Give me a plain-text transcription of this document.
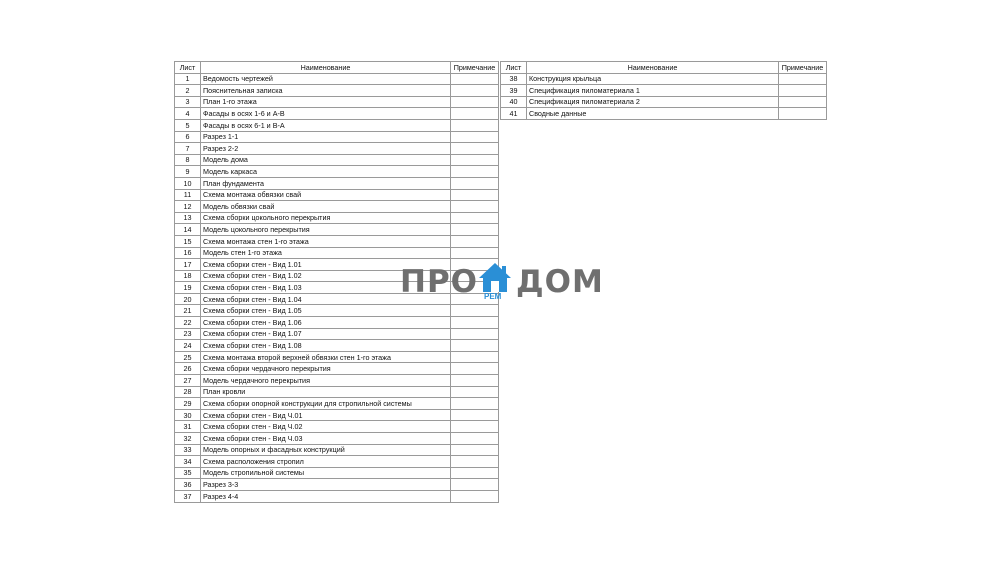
Лист	Наименование	Примечание
1	Ведомость чертежей	
2	Пояснительная записка	
3	План 1-го этажа	
4	Фасады в осях 1-6 и А-В	
5	Фасады в осях 6-1 и В-А	
6	Разрез 1-1	
7	Разрез 2-2	
8	Модель дома	
9	Модель каркаса	
10	План фундамента	
11	Схема монтажа обвязки свай	
12	Модель обвязки свай	
13	Схема сборки цокольного перекрытия	
14	Модель цокольного перекрытия	
15	Схема монтажа стен 1-го этажа	
16	Модель стен 1-го этажа	
17	Схема сборки стен - Вид 1.01	
18	Схема сборки стен - Вид 1.02	
19	Схема сборки стен - Вид 1.03	
20	Схема сборки стен - Вид 1.04	
21	Схема сборки стен - Вид 1.05	
22	Схема сборки стен - Вид 1.06	
23	Схема сборки стен - Вид 1.07	
24	Схема сборки стен - Вид 1.08	
25	Схема монтажа второй верхней обвязки стен 1-го этажа	
26	Схема сборки чердачного перекрытия	
27	Модель чердачного перекрытия	
28	План кровли	
29	Схема сборки опорной конструкции для стропильной системы	
30	Схема сборки стен - Вид Ч.01	
31	Схема сборки стен - Вид Ч.02	
32	Схема сборки стен - Вид Ч.03	
33	Модель опорных и фасадных конструкций	
34	Схема расположения стропил	
35	Модель стропильной системы	
36	Разрез 3-3	
37	Разрез 4-4	
Лист	Наименование	Примечание
38	Конструкция крыльца	
39	Спецификация пиломатериала 1	
40	Спецификация пиломатериала 2	
41	Сводные данные	
ПРО РЕМ ДОМ
